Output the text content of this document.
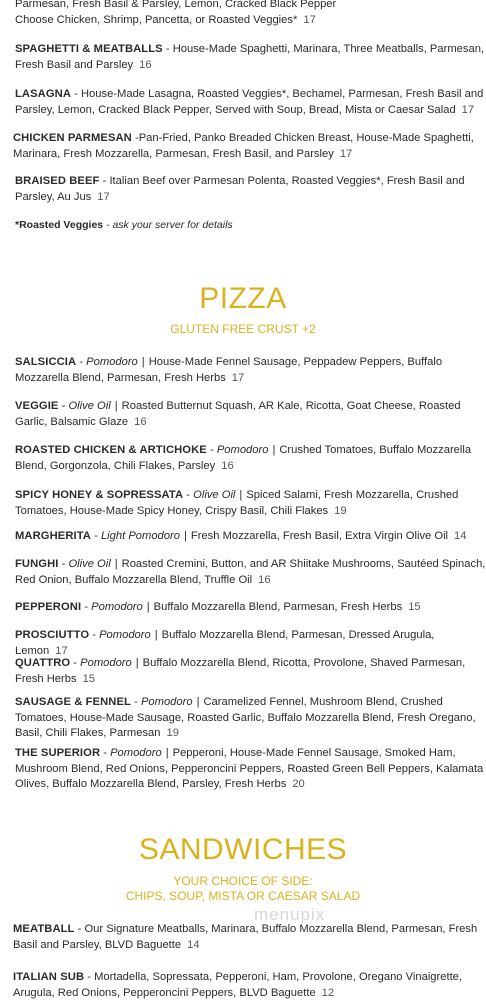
Parmesan, Fresh Basil & Parsley, Lemon, Cracked Black Pepper
Choose Chicken, Shrimp, Pancetta, or Roasted Veggies* 17
SPAGHETTI & MEATBALLS - House-Made Spaghetti, Marinara, Three Meatballs, Parmesan, Fresh Basil and Parsley 16
LASAGNA - House-Made Lasagna, Roasted Veggies*, Bechamel, Parmesan, Fresh Basil and Parsley, Lemon, Cracked Black Pepper, Served with Soup, Bread, Mista or Caesar Salad 17
CHICKEN PARMESAN -Pan-Fried, Panko Breaded Chicken Breast, House-Made Spaghetti, Marinara, Fresh Mozzarella, Parmesan, Fresh Basil, and Parsley 17
BRAISED BEEF - Italian Beef over Parmesan Polenta, Roasted Veggies*, Fresh Basil and Parsley, Au Jus 17
*Roasted Veggies - ask your server for details
PIZZA
GLUTEN FREE CRUST +2
SALSICCIA - Pomodoro | House-Made Fennel Sausage, Peppadew Peppers, Buffalo Mozzarella Blend, Parmesan, Fresh Herbs 17
VEGGIE - Olive Oil | Roasted Butternut Squash, AR Kale, Ricotta, Goat Cheese, Roasted Garlic, Balsamic Glaze 16
ROASTED CHICKEN & ARTICHOKE - Pomodoro | Crushed Tomatoes, Buffalo Mozzarella Blend, Gorgonzola, Chili Flakes, Parsley 16
SPICY HONEY & SOPRESSATA - Olive Oil | Spiced Salami, Fresh Mozzarella, Crushed Tomatoes, House-Made Spicy Honey, Crispy Basil, Chili Flakes 19
MARGHERITA - Light Pomodoro | Fresh Mozzarella, Fresh Basil, Extra Virgin Olive Oil 14
FUNGHI - Olive Oil | Roasted Cremini, Button, and AR Shiitake Mushrooms, Sautéed Spinach, Red Onion, Buffalo Mozzarella Blend, Truffle Oil 16
PEPPERONI - Pomodoro | Buffalo Mozzarella Blend, Parmesan, Fresh Herbs 15
PROSCIUTTO - Pomodoro | Buffalo Mozzarella Blend, Parmesan, Dressed Arugula, Lemon 17
QUATTRO - Pomodoro | Buffalo Mozzarella Blend, Ricotta, Provolone, Shaved Parmesan, Fresh Herbs 15
SAUSAGE & FENNEL - Pomodoro | Caramelized Fennel, Mushroom Blend, Crushed Tomatoes, House-Made Sausage, Roasted Garlic, Buffalo Mozzarella Blend, Fresh Oregano, Basil, Chili Flakes, Parmesan 19
THE SUPERIOR - Pomodoro | Pepperoni, House-Made Fennel Sausage, Smoked Ham, Mushroom Blend, Red Onions, Pepperoncini Peppers, Roasted Green Bell Peppers, Kalamata Olives, Buffalo Mozzarella Blend, Parsley, Fresh Herbs 20
SANDWICHES
YOUR CHOICE OF SIDE:
CHIPS, SOUP, MISTA OR CAESAR SALAD
menupix
MEATBALL - Our Signature Meatballs, Marinara, Buffalo Mozzarella Blend, Parmesan, Fresh Basil and Parsley, BLVD Baguette 14
ITALIAN SUB - Mortadella, Sopressata, Pepperoni, Ham, Provolone, Oregano Vinaigrette, Arugula, Red Onions, Pepperoncini Peppers, BLVD Baguette 12
